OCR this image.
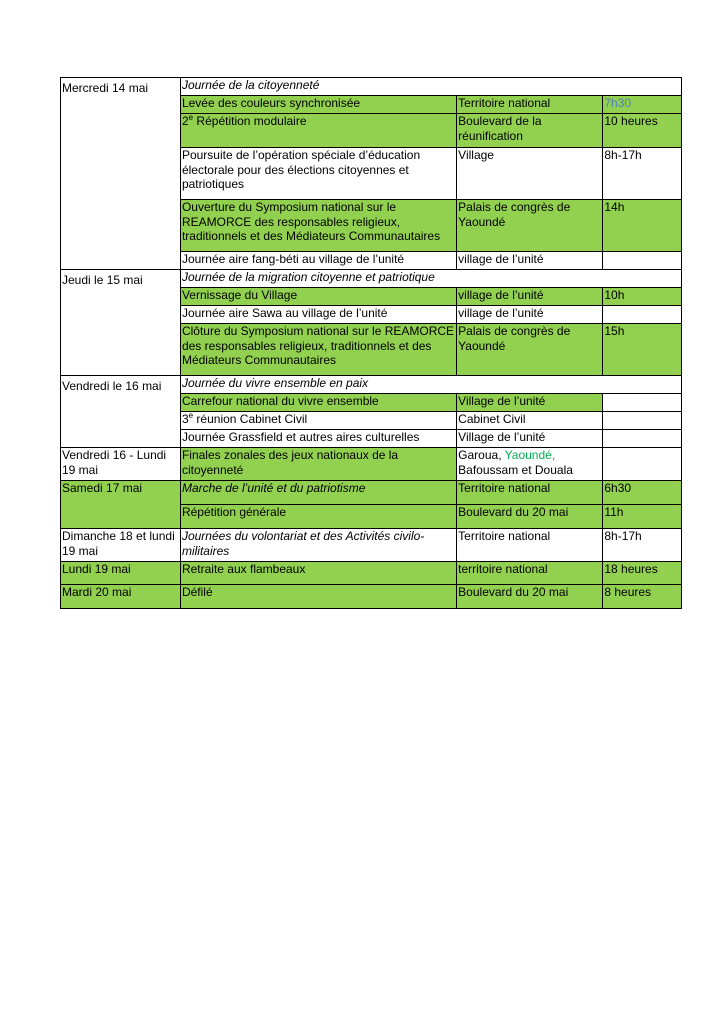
Mercredi 14 mai	Journée de la citoyenneté		
	Levée des couleurs synchronisée	Territoire national	7h30
	2e Répétition modulaire	Boulevard de la réunification	10 heures
	Poursuite de l’opération spéciale d’éducation électorale pour des élections citoyennes et patriotiques	Village	8h-17h
	Ouverture du Symposium national sur le REAMORCE des responsables religieux, traditionnels et des Médiateurs Communautaires	Palais de congrès de Yaoundé	14h
	Journée aire fang-béti au village de l’unité	village de l’unité	
Jeudi le 15 mai	Journée de la migration citoyenne et patriotique		
	Vernissage du Village	village de l’unité	10h
	Journée aire Sawa au village de l’unité	village de l’unité	
	Clôture du Symposium national sur le REAMORCE des responsables religieux, traditionnels et des Médiateurs Communautaires	Palais de congrès de Yaoundé	15h
Vendredi le 16 mai	Journée du vivre ensemble en paix		
	Carrefour national du vivre ensemble	Village de l’unité	
	3e réunion Cabinet Civil	Cabinet Civil	
	Journée Grassfield et autres aires culturelles	Village de l’unité	
Vendredi 16 - Lundi 19 mai	Finales zonales des jeux nationaux de la citoyenneté	Garoua, Yaoundé, Bafoussam et Douala	
Samedi 17 mai	Marche de l’unité et du patriotisme	Territoire national	6h30
	Répétition générale	Boulevard du 20 mai	11h
Dimanche 18 et lundi 19 mai	Journées du volontariat et des Activités civilo-militaires	Territoire national	8h-17h
Lundi 19 mai	Retraite aux flambeaux	territoire national	18 heures
Mardi 20 mai	Défilé	Boulevard du 20 mai	8 heures
